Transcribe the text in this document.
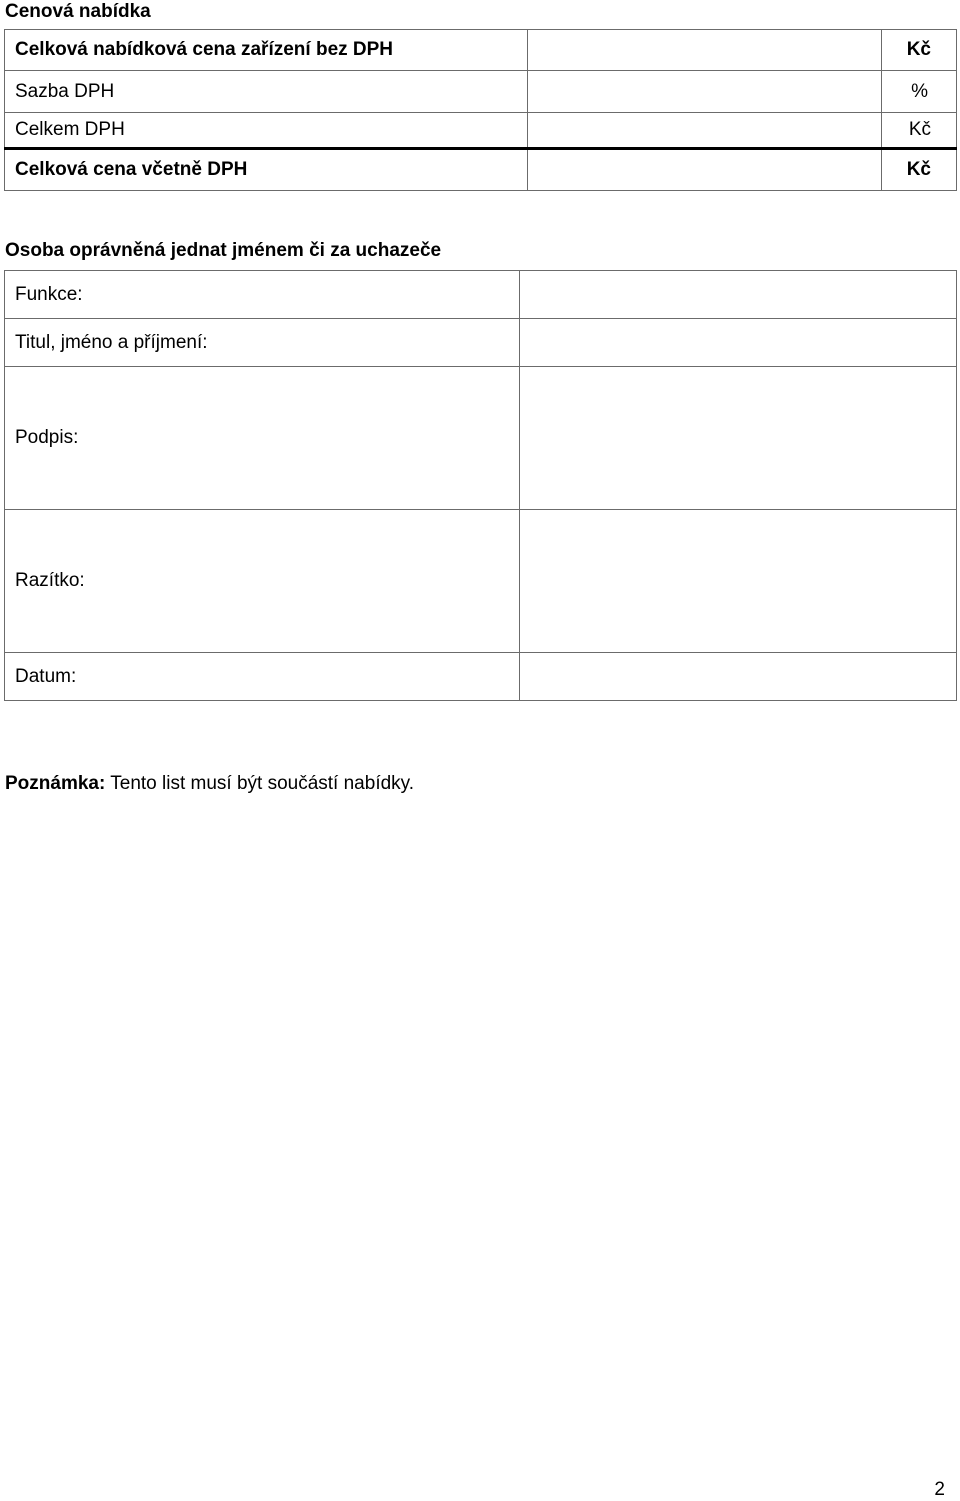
Cenová nabídka
Celková nabídková cena zařízení bez DPH		Kč
Sazba DPH		%
Celkem DPH		Kč
Celková cena včetně DPH		Kč
Osoba oprávněná jednat jménem či za uchazeče
Funkce:	
Titul, jméno a příjmení:	
Podpis:	
Razítko:	
Datum:	
Poznámka: Tento list musí být součástí nabídky.
2
